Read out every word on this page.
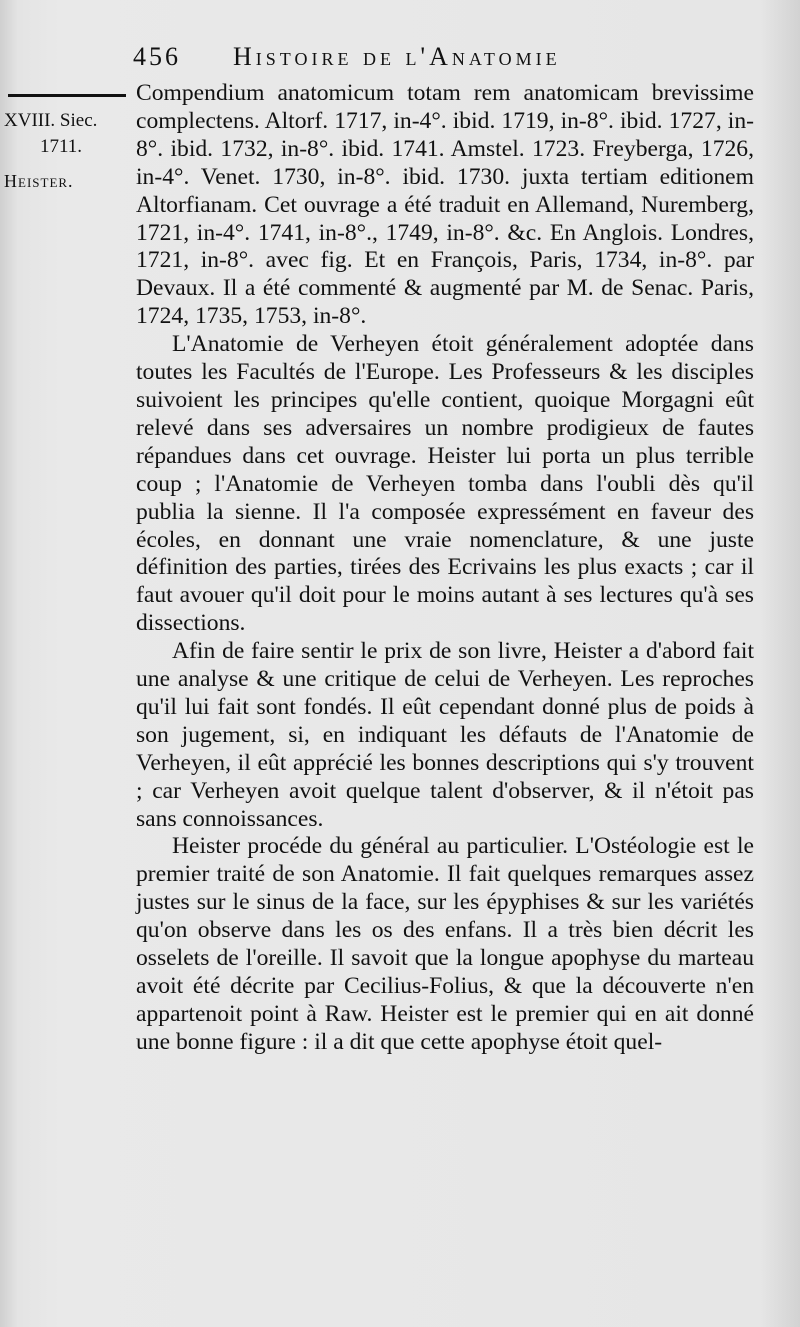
456 Histoire de l'Anatomie
XVIII. Siec.
1711.
Heister.

Compendium anatomicum totam rem anatomicam brevissime complectens. Altorf. 1717, in-4°. ibid. 1719, in-8°. ibid. 1727, in-8°. ibid. 1732, in-8°. ibid. 1741. Amstel. 1723. Freyberga, 1726, in-4°. Venet. 1730, in-8°. ibid. 1730. juxta tertiam editionem Altorfianam. Cet ouvrage a été traduit en Allemand, Nuremberg, 1721, in-4°. 1741, in-8°., 1749, in-8°. &c. En Anglois. Londres, 1721, in-8°. avec fig. Et en François, Paris, 1734, in-8°. par Devaux. Il a été commenté & augmenté par M. de Senac. Paris, 1724, 1735, 1753, in-8°.

L'Anatomie de Verheyen étoit généralement adoptée dans toutes les Facultés de l'Europe. Les Professeurs & les disciples suivoient les principes qu'elle contient, quoique Morgagni eût relevé dans ses adversaires un nombre prodigieux de fautes répandues dans cet ouvrage. Heister lui porta un plus terrible coup ; l'Anatomie de Verheyen tomba dans l'oubli dès qu'il publia la sienne. Il l'a composée expressément en faveur des écoles, en donnant une vraie nomenclature, & une juste définition des parties, tirées des Ecrivains les plus exacts ; car il faut avouer qu'il doit pour le moins autant à ses lectures qu'à ses dissections.

Afin de faire sentir le prix de son livre, Heister a d'abord fait une analyse & une critique de celui de Verheyen. Les reproches qu'il lui fait sont fondés. Il eût cependant donné plus de poids à son jugement, si, en indiquant les défauts de l'Anatomie de Verheyen, il eût apprécié les bonnes descriptions qui s'y trouvent ; car Verheyen avoit quelque talent d'observer, & il n'étoit pas sans connoissances.

Heister procéde du général au particulier. L'Ostéologie est le premier traité de son Anatomie. Il fait quelques remarques assez justes sur le sinus de la face, sur les épyphises & sur les variétés qu'on observe dans les os des enfans. Il a très bien décrit les osselets de l'oreille. Il savoit que la longue apophyse du marteau avoit été décrite par Cecilius-Folius, & que la découverte n'en appartenoit point à Raw. Heister est le premier qui en ait donné une bonne figure : il a dit que cette apophyse étoit quel-
